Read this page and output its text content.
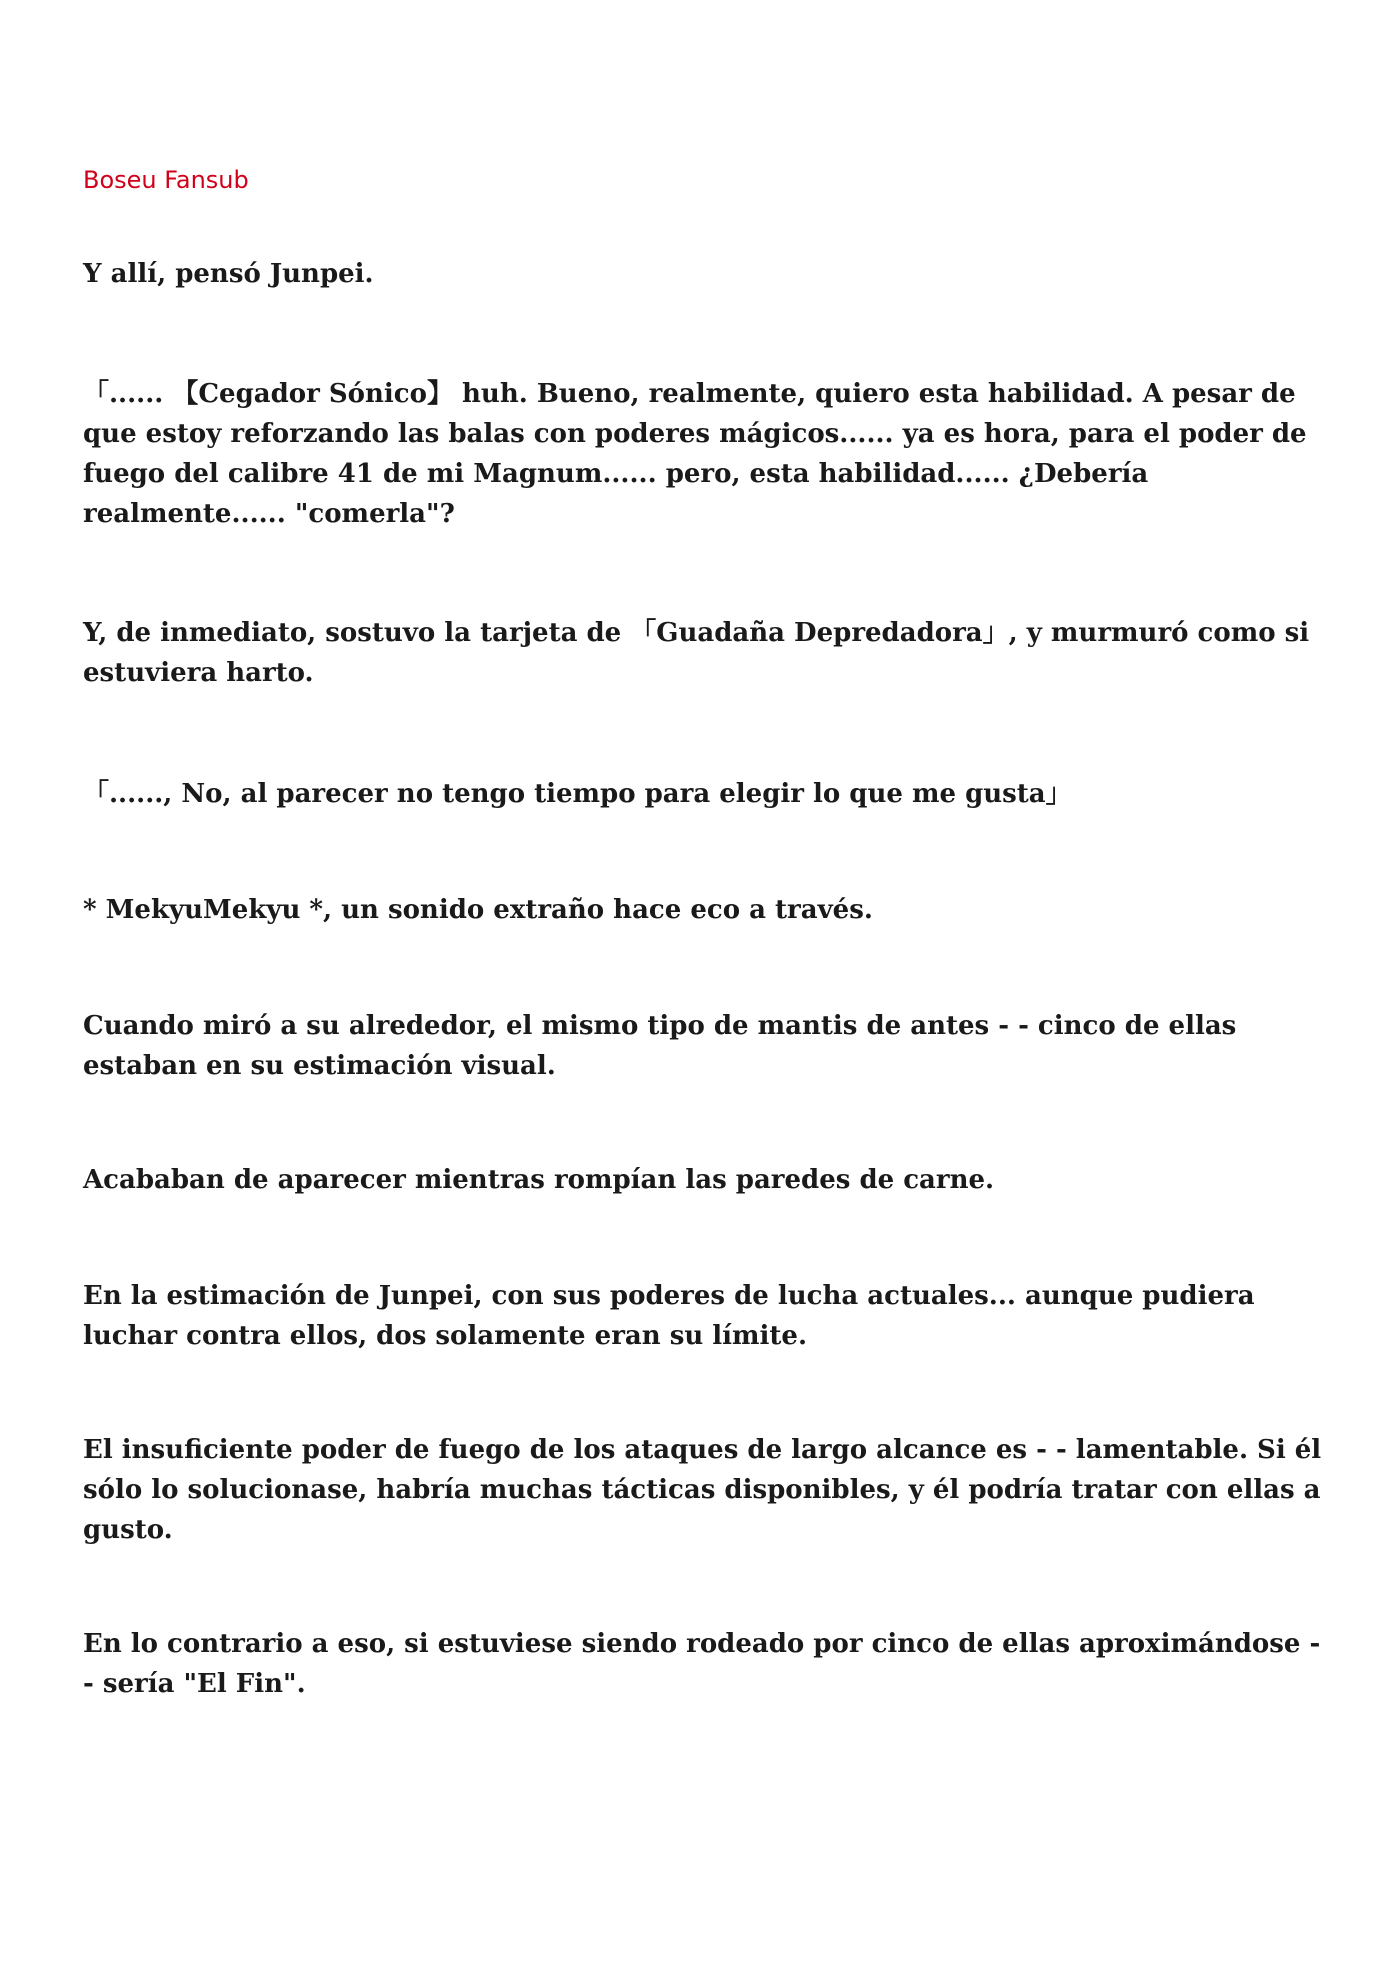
Boseu Fansub

Y allí, pensó Junpei.

「...... 【Cegador Sónico】 huh. Bueno, realmente, quiero esta habilidad. A pesar de que estoy reforzando las balas con poderes mágicos...... ya es hora, para el poder de fuego del calibre 41 de mi Magnum...... pero, esta habilidad...... ¿Debería realmente...... "comerla"?

Y, de inmediato, sostuvo la tarjeta de 「Guadaña Depredadora」, y murmuró como si estuviera harto.

「......, No, al parecer no tengo tiempo para elegir lo que me gusta」

* MekyuMekyu *, un sonido extraño hace eco a través.

Cuando miró a su alrededor, el mismo tipo de mantis de antes - - cinco de ellas estaban en su estimación visual.

Acababan de aparecer mientras rompían las paredes de carne.

En la estimación de Junpei, con sus poderes de lucha actuales... aunque pudiera luchar contra ellos, dos solamente eran su límite.

El insuficiente poder de fuego de los ataques de largo alcance es - - lamentable. Si él sólo lo solucionase, habría muchas tácticas disponibles, y él podría tratar con ellas a gusto.

En lo contrario a eso, si estuviese siendo rodeado por cinco de ellas aproximándose - - sería "El Fin".
